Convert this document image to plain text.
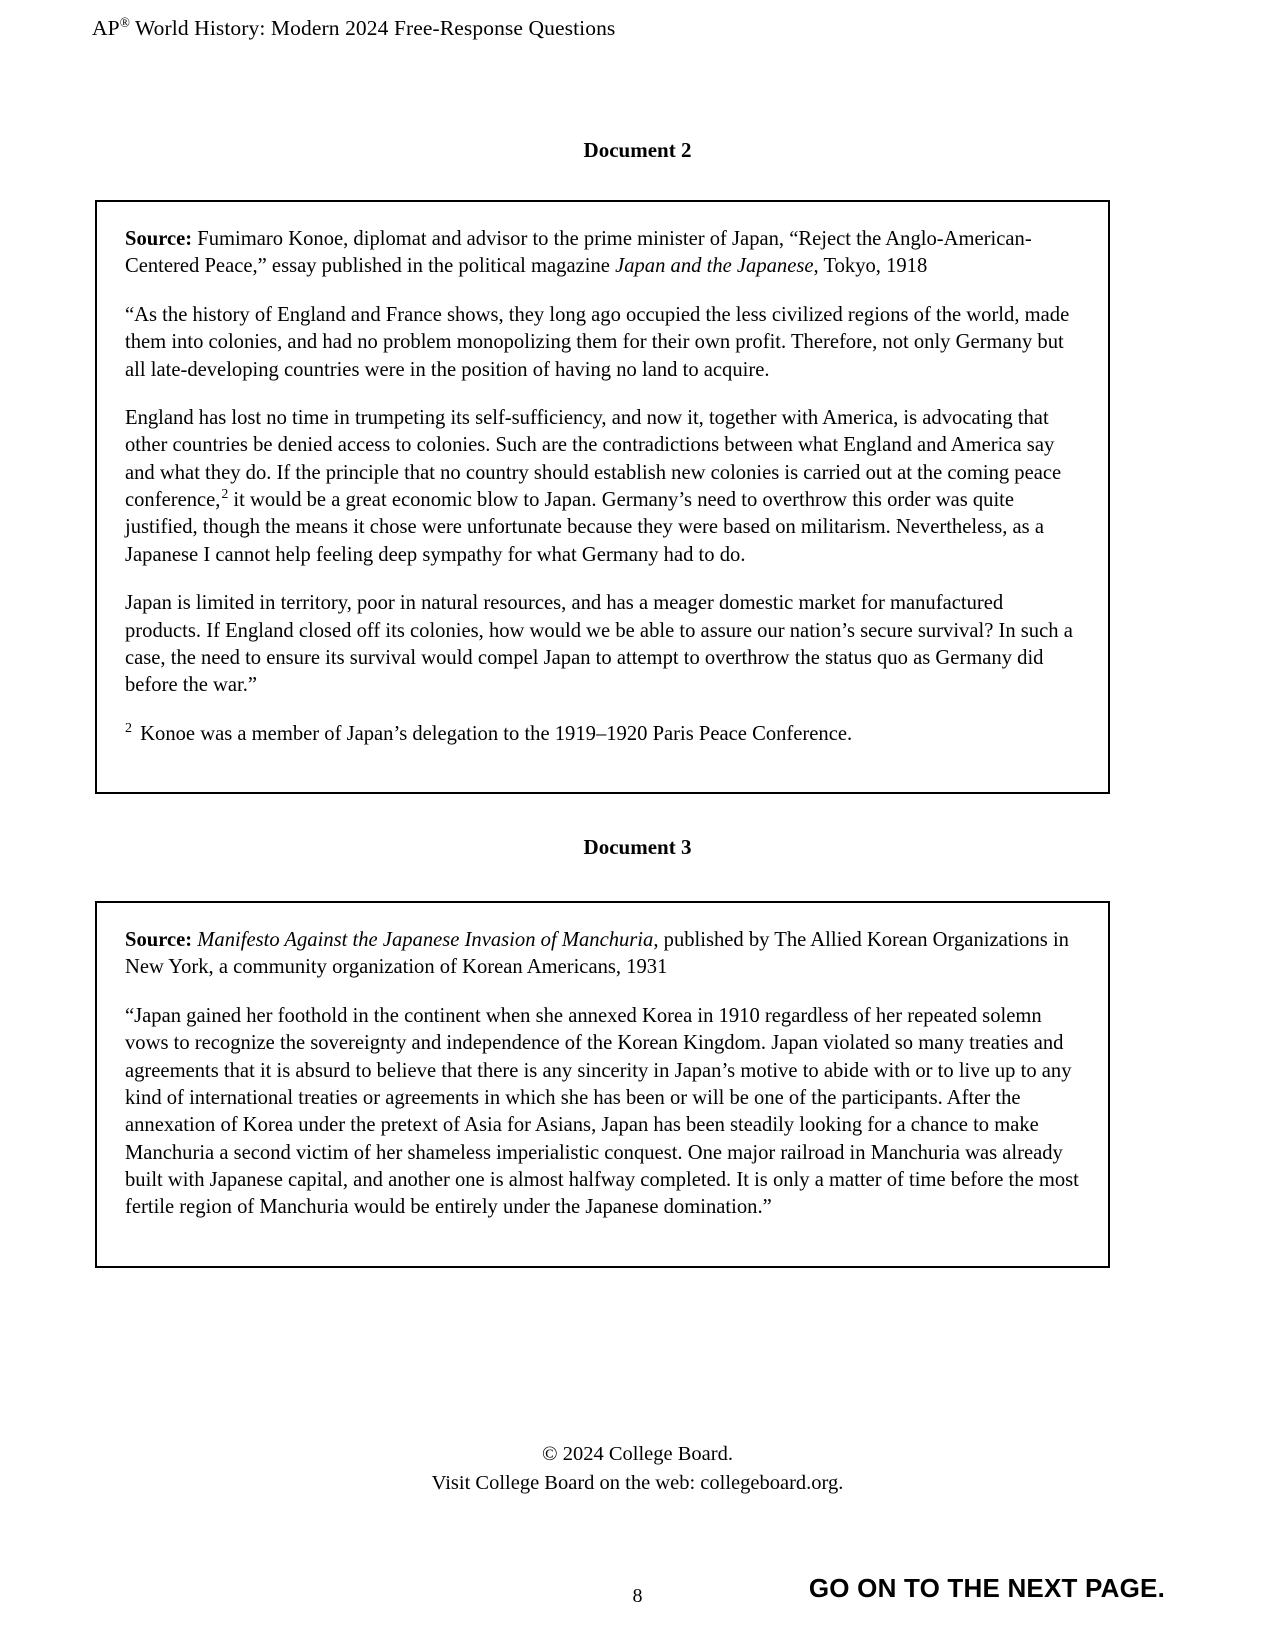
AP® World History: Modern 2024 Free-Response Questions
Document 2

Source: Fumimaro Konoe, diplomat and advisor to the prime minister of Japan, “Reject the Anglo-American-Centered Peace,” essay published in the political magazine Japan and the Japanese, Tokyo, 1918

“As the history of England and France shows, they long ago occupied the less civilized regions of the world, made them into colonies, and had no problem monopolizing them for their own profit. Therefore, not only Germany but all late-developing countries were in the position of having no land to acquire.

England has lost no time in trumpeting its self-sufficiency, and now it, together with America, is advocating that other countries be denied access to colonies. Such are the contradictions between what England and America say and what they do. If the principle that no country should establish new colonies is carried out at the coming peace conference,$^2$ it would be a great economic blow to Japan. Germany’s need to overthrow this order was quite justified, though the means it chose were unfortunate because they were based on militarism. Nevertheless, as a Japanese I cannot help feeling deep sympathy for what Germany had to do.

Japan is limited in territory, poor in natural resources, and has a meager domestic market for manufactured products. If England closed off its colonies, how would we be able to assure our nation’s secure survival? In such a case, the need to ensure its survival would compel Japan to attempt to overthrow the status quo as Germany did before the war.”

$^2$ Konoe was a member of Japan’s delegation to the 1919–1920 Paris Peace Conference.

Document 3

Source: Manifesto Against the Japanese Invasion of Manchuria, published by The Allied Korean Organizations in New York, a community organization of Korean Americans, 1931

“Japan gained her foothold in the continent when she annexed Korea in 1910 regardless of her repeated solemn vows to recognize the sovereignty and independence of the Korean Kingdom. Japan violated so many treaties and agreements that it is absurd to believe that there is any sincerity in Japan’s motive to abide with or to live up to any kind of international treaties or agreements in which she has been or will be one of the participants. After the annexation of Korea under the pretext of Asia for Asians, Japan has been steadily looking for a chance to make Manchuria a second victim of her shameless imperialistic conquest. One major railroad in Manchuria was already built with Japanese capital, and another one is almost halfway completed. It is only a matter of time before the most fertile region of Manchuria would be entirely under the Japanese domination.”

© 2024 College Board.
Visit College Board on the web: collegeboard.org.
8	GO ON TO THE NEXT PAGE.
